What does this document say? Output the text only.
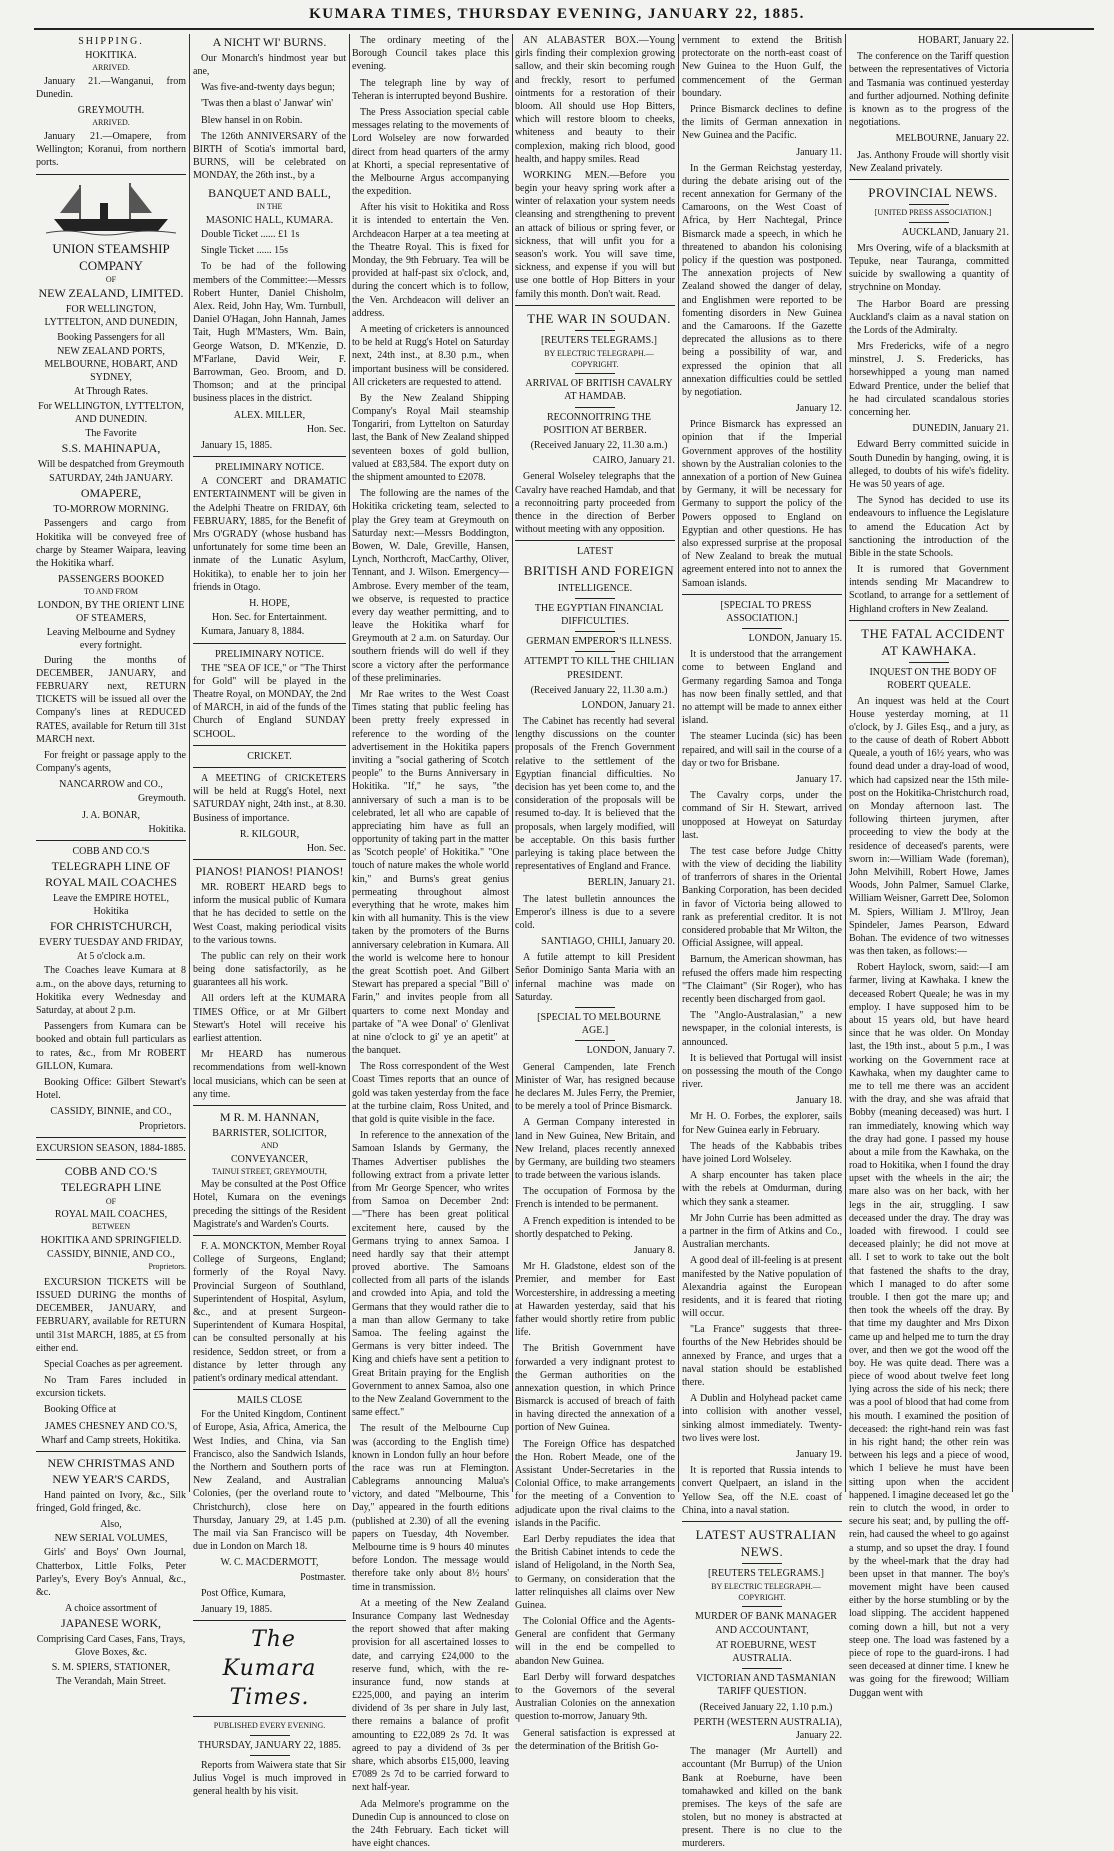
KUMARA TIMES, THURSDAY EVENING, JANUARY 22, 1885.

SHIPPING.

HOKITIKA.

ARRIVED.

January 21.—Wanganui, from Dunedin.

GREYMOUTH.

ARRIVED.

January 21.—Omapere, from Wellington; Koranui, from northern ports.

UNION STEAMSHIP COMPANY

OF

NEW ZEALAND, LIMITED.

FOR WELLINGTON, LYTTELTON, AND DUNEDIN,

Booking Passengers for all

NEW ZEALAND PORTS, MELBOURNE, HOBART, AND SYDNEY,

At Through Rates.

For WELLINGTON, LYTTELTON, AND DUNEDIN.

The Favorite

S.S. MAHINAPUA,

Will be despatched from Greymouth

SATURDAY, 24th JANUARY.

OMAPERE,

TO-MORROW MORNING.

Passengers and cargo from Hokitika will be conveyed free of charge by Steamer Waipara, leaving the Hokitika wharf.

PASSENGERS BOOKED

TO AND FROM

LONDON, BY THE ORIENT LINE OF STEAMERS,

Leaving Melbourne and Sydney every fortnight.

During the months of DECEMBER, JANUARY, and FEBRUARY next, RETURN TICKETS will be issued all over the Company's lines at REDUCED RATES, available for Return till 31st MARCH next.

For freight or passage apply to the Company's agents,

NANCARROW and CO.,

Greymouth.

J. A. BONAR,

Hokitika.

COBB AND CO.'S

TELEGRAPH LINE OF ROYAL MAIL COACHES

Leave the EMPIRE HOTEL, Hokitika

FOR CHRISTCHURCH,

EVERY TUESDAY AND FRIDAY,

At 5 o'clock a.m.

The Coaches leave Kumara at 8 a.m., on the above days, returning to Hokitika every Wednesday and Saturday, at about 2 p.m.

Passengers from Kumara can be booked and obtain full particulars as to rates, &c., from Mr ROBERT GILLON, Kumara.

Booking Office: Gilbert Stewart's Hotel.

CASSIDY, BINNIE, and CO.,

Proprietors.

EXCURSION SEASON, 1884-1885.

COBB AND CO.'S TELEGRAPH LINE

OF

ROYAL MAIL COACHES,

BETWEEN

HOKITIKA AND SPRINGFIELD.

CASSIDY, BINNIE, AND CO.,

Proprietors.

EXCURSION TICKETS will be ISSUED DURING the months of DECEMBER, JANUARY, and FEBRUARY, available for RETURN until 31st MARCH, 1885, at £5 from either end.

Special Coaches as per agreement.

No Tram Fares included in excursion tickets.

Booking Office at

JAMES CHESNEY AND CO.'S,

Wharf and Camp streets, Hokitika.

NEW CHRISTMAS AND NEW YEAR'S CARDS,

Hand painted on Ivory, &c., Silk fringed, Gold fringed, &c.

Also,

NEW SERIAL VOLUMES,

Girls' and Boys' Own Journal, Chatterbox, Little Folks, Peter Parley's, Every Boy's Annual, &c., &c.

A choice assortment of

JAPANESE WORK,

Comprising Card Cases, Fans, Trays, Glove Boxes, &c.

S. M. SPIERS, STATIONER,

The Verandah, Main Street.

A NICHT WI' BURNS.

Our Monarch's hindmost year but ane,

Was five-and-twenty days begun;

'Twas then a blast o' Janwar' win'

Blew hansel in on Robin.

The 126th ANNIVERSARY of the BIRTH of Scotia's immortal bard, BURNS, will be celebrated on MONDAY, the 26th inst., by a

BANQUET AND BALL,

IN THE

MASONIC HALL, KUMARA.

Double Ticket ...... £1 1s

Single Ticket ...... 15s

To be had of the following members of the Committee:—Messrs Robert Hunter, Daniel Chisholm, Alex. Reid, John Hay, Wm. Turnbull, Daniel O'Hagan, John Hannah, James Tait, Hugh M'Masters, Wm. Bain, George Watson, D. M'Kenzie, D. M'Farlane, David Weir, F. Barrowman, Geo. Broom, and D. Thomson; and at the principal business places in the district.

ALEX. MILLER,

Hon. Sec.

January 15, 1885.

PRELIMINARY NOTICE.

A CONCERT and DRAMATIC ENTERTAINMENT will be given in the Adelphi Theatre on FRIDAY, 6th FEBRUARY, 1885, for the Benefit of Mrs O'GRADY (whose husband has unfortunately for some time been an inmate of the Lunatic Asylum, Hokitika), to enable her to join her friends in Otago.

H. HOPE,

Hon. Sec. for Entertainment.

Kumara, January 8, 1884.

PRELIMINARY NOTICE.

THE "SEA OF ICE," or "The Thirst for Gold" will be played in the Theatre Royal, on MONDAY, the 2nd of MARCH, in aid of the funds of the Church of England SUNDAY SCHOOL.

CRICKET.

A MEETING of CRICKETERS will be held at Rugg's Hotel, next SATURDAY night, 24th inst., at 8.30. Business of importance.

R. KILGOUR,

Hon. Sec.

PIANOS! PIANOS! PIANOS!

MR. ROBERT HEARD begs to inform the musical public of Kumara that he has decided to settle on the West Coast, making periodical visits to the various towns.

The public can rely on their work being done satisfactorily, as he guarantees all his work.

All orders left at the KUMARA TIMES Office, or at Mr Gilbert Stewart's Hotel will receive his earliest attention.

Mr HEARD has numerous recommendations from well-known local musicians, which can be seen at any time.

M R. M. HANNAN,

BARRISTER, SOLICITOR,

AND

CONVEYANCER,

TAINUI STREET, GREYMOUTH,

May be consulted at the Post Office Hotel, Kumara on the evenings preceding the sittings of the Resident Magistrate's and Warden's Courts.

F. A. MONCKTON, Member Royal College of Surgeons, England; formerly of the Royal Navy. Provincial Surgeon of Southland, Superintendent of Hospital, Asylum, &c., and at present Surgeon-Superintendent of Kumara Hospital, can be consulted personally at his residence, Seddon street, or from a distance by letter through any patient's ordinary medical attendant.

MAILS CLOSE

For the United Kingdom, Continent of Europe, Asia, Africa, America, the West Indies, and China, via San Francisco, also the Sandwich Islands, the Northern and Southern ports of New Zealand, and Australian Colonies, (per the overland route to Christchurch), close here on Thursday, January 29, at 1.45 p.m. The mail via San Francisco will be due in London on March 18.

W. C. MACDERMOTT,

Postmaster.

Post Office, Kumara,

January 19, 1885.

The Kumara Times.

PUBLISHED EVERY EVENING.

THURSDAY, JANUARY 22, 1885.

Reports from Waiwera state that Sir Julius Vogel is much improved in general health by his visit.

The ordinary meeting of the Borough Council takes place this evening.

The telegraph line by way of Teheran is interrupted beyond Bushire.

The Press Association special cable messages relating to the movements of Lord Wolseley are now forwarded direct from head quarters of the army at Khorti, a special representative of the Melbourne Argus accompanying the expedition.

After his visit to Hokitika and Ross it is intended to entertain the Ven. Archdeacon Harper at a tea meeting at the Theatre Royal. This is fixed for Monday, the 9th February. Tea will be provided at half-past six o'clock, and, during the concert which is to follow, the Ven. Archdeacon will deliver an address.

A meeting of cricketers is announced to be held at Rugg's Hotel on Saturday next, 24th inst., at 8.30 p.m., when important business will be considered. All cricketers are requested to attend.

By the New Zealand Shipping Company's Royal Mail steamship Tongariri, from Lyttelton on Saturday last, the Bank of New Zealand shipped seventeen boxes of gold bullion, valued at £83,584. The export duty on the shipment amounted to £2078.

The following are the names of the Hokitika cricketing team, selected to play the Grey team at Greymouth on Saturday next:—Messrs Boddington, Bowen, W. Dale, Greville, Hansen, Lynch, Northcroft, MacCarthy, Oliver, Tennant, and J. Wilson. Emergency—Ambrose. Every member of the team, we observe, is requested to practice every day weather permitting, and to leave the Hokitika wharf for Greymouth at 2 a.m. on Saturday. Our southern friends will do well if they score a victory after the performance of these preliminaries.

Mr Rae writes to the West Coast Times stating that public feeling has been pretty freely expressed in reference to the wording of the advertisement in the Hokitika papers inviting a "social gathering of Scotch people" to the Burns Anniversary in Hokitika. "If," he says, "the anniversary of such a man is to be celebrated, let all who are capable of appreciating him have as full an opportunity of taking part in the matter as 'Scotch people' of Hokitika." "One touch of nature makes the whole world kin," and Burns's great genius permeating throughout almost everything that he wrote, makes him kin with all humanity. This is the view taken by the promoters of the Burns anniversary celebration in Kumara. All the world is welcome here to honour the great Scottish poet. And Gilbert Stewart has prepared a special "Bill o' Farin," and invites people from all quarters to come next Monday and partake of "A wee Donal' o' Glenlivat at nine o'clock to gi' ye an apetit" at the banquet.

The Ross correspondent of the West Coast Times reports that an ounce of gold was taken yesterday from the face at the turbine claim, Ross United, and that gold is quite visible in the face.

In reference to the annexation of the Samoan Islands by Germany, the Thames Advertiser publishes the following extract from a private letter from Mr George Spencer, who writes from Samoa on December 2nd:—"There has been great political excitement here, caused by the Germans trying to annex Samoa. I need hardly say that their attempt proved abortive. The Samoans collected from all parts of the islands and crowded into Apia, and told the Germans that they would rather die to a man than allow Germany to take Samoa. The feeling against the Germans is very bitter indeed. The King and chiefs have sent a petition to Great Britain praying for the English Government to annex Samoa, also one to the New Zealand Government to the same effect."

The result of the Melbourne Cup was (according to the English time) known in London fully an hour before the race was run at Flemington. Cablegrams announcing Malua's victory, and dated "Melbourne, This Day," appeared in the fourth editions (published at 2.30) of all the evening papers on Tuesday, 4th November. Melbourne time is 9 hours 40 minutes before London. The message would therefore take only about 8½ hours' time in transmission.

At a meeting of the New Zealand Insurance Company last Wednesday the report showed that after making provision for all ascertained losses to date, and carrying £24,000 to the reserve fund, which, with the re-insurance fund, now stands at £225,000, and paying an interim dividend of 3s per share in July last, there remains a balance of profit amounting to £22,089 2s 7d. It was agreed to pay a dividend of 3s per share, which absorbs £15,000, leaving £7089 2s 7d to be carried forward to next half-year.

Ada Melmore's programme on the Dunedin Cup is announced to close on the 24th February. Each ticket will have eight chances.

AN ALABASTER BOX.—Young girls finding their complexion growing sallow, and their skin becoming rough and freckly, resort to perfumed ointments for a restoration of their bloom. All should use Hop Bitters, which will restore bloom to cheeks, whiteness and beauty to their complexion, making rich blood, good health, and happy smiles. Read

WORKING MEN.—Before you begin your heavy spring work after a winter of relaxation your system needs cleansing and strengthening to prevent an attack of bilious or spring fever, or sickness, that will unfit you for a season's work. You will save time, sickness, and expense if you will but use one bottle of Hop Bitters in your family this month. Don't wait. Read.

THE WAR IN SOUDAN.

[REUTERS TELEGRAMS.]

BY ELECTRIC TELEGRAPH.—COPYRIGHT.

ARRIVAL OF BRITISH CAVALRY AT HAMDAB.

RECONNOITRING THE POSITION AT BERBER.

(Received January 22, 11.30 a.m.)

CAIRO, January 21.

General Wolseley telegraphs that the Cavalry have reached Hamdab, and that a reconnoitring party proceeded from thence in the direction of Berber without meeting with any opposition.

LATEST

BRITISH AND FOREIGN

INTELLIGENCE.

THE EGYPTIAN FINANCIAL DIFFICULTIES.

GERMAN EMPEROR'S ILLNESS.

ATTEMPT TO KILL THE CHILIAN PRESIDENT.

(Received January 22, 11.30 a.m.)

LONDON, January 21.

The Cabinet has recently had several lengthy discussions on the counter proposals of the French Government relative to the settlement of the Egyptian financial difficulties. No decision has yet been come to, and the consideration of the proposals will be resumed to-day. It is believed that the proposals, when largely modified, will be acceptable. On this basis further parleying is taking place between the representatives of England and France.

BERLIN, January 21.

The latest bulletin announces the Emperor's illness is due to a severe cold.

SANTIAGO, CHILI, January 20.

A futile attempt to kill President Señor Dominigo Santa Maria with an infernal machine was made on Saturday.

[SPECIAL TO MELBOURNE AGE.]

LONDON, January 7.

General Campenden, late French Minister of War, has resigned because he declares M. Jules Ferry, the Premier, to be merely a tool of Prince Bismarck.

A German Company interested in land in New Guinea, New Britain, and New Ireland, places recently annexed by Germany, are building two steamers to trade between the various islands.

The occupation of Formosa by the French is intended to be permanent.

A French expedition is intended to be shortly despatched to Peking.

January 8.

Mr H. Gladstone, eldest son of the Premier, and member for East Worcestershire, in addressing a meeting at Hawarden yesterday, said that his father would shortly retire from public life.

The British Government have forwarded a very indignant protest to the German authorities on the annexation question, in which Prince Bismarck is accused of breach of faith in having directed the annexation of a portion of New Guinea.

The Foreign Office has despatched the Hon. Robert Meade, one of the Assistant Under-Secretaries in the Colonial Office, to make arrangements for the meeting of a Convention to adjudicate upon the rival claims to the islands in the Pacific.

Earl Derby repudiates the idea that the British Cabinet intends to cede the island of Heligoland, in the North Sea, to Germany, on consideration that the latter relinquishes all claims over New Guinea.

The Colonial Office and the Agents-General are confident that Germany will in the end be compelled to abandon New Guinea.

Earl Derby will forward despatches to the Governors of the several Australian Colonies on the annexation question to-morrow, January 9th.

General satisfaction is expressed at the determination of the British Go-

vernment to extend the British protectorate on the north-east coast of New Guinea to the Huon Gulf, the commencement of the German boundary.

Prince Bismarck declines to define the limits of German annexation in New Guinea and the Pacific.

January 11.

In the German Reichstag yesterday, during the debate arising out of the recent annexation for Germany of the Camaroons, on the West Coast of Africa, by Herr Nachtegal, Prince Bismarck made a speech, in which he threatened to abandon his colonising policy if the question was postponed. The annexation projects of New Zealand showed the danger of delay, and Englishmen were reported to be fomenting disorders in New Guinea and the Camaroons. If the Gazette deprecated the allusions as to there being a possibility of war, and expressed the opinion that all annexation difficulties could be settled by negotiation.

January 12.

Prince Bismarck has expressed an opinion that if the Imperial Government approves of the hostility shown by the Australian colonies to the annexation of a portion of New Guinea by Germany, it will be necessary for Germany to support the policy of the Powers opposed to England on Egyptian and other questions. He has also expressed surprise at the proposal of New Zealand to break the mutual agreement entered into not to annex the Samoan islands.

[SPECIAL TO PRESS ASSOCIATION.]

LONDON, January 15.

It is understood that the arrangement come to between England and Germany regarding Samoa and Tonga has now been finally settled, and that no attempt will be made to annex either island.

The steamer Lucinda (sic) has been repaired, and will sail in the course of a day or two for Brisbane.

January 17.

The Cavalry corps, under the command of Sir H. Stewart, arrived unopposed at Howeyat on Saturday last.

The test case before Judge Chitty with the view of deciding the liability of tranferrors of shares in the Oriental Banking Corporation, has been decided in favor of Victoria being allowed to rank as preferential creditor. It is not considered probable that Mr Wilton, the Official Assignee, will appeal.

Barnum, the American showman, has refused the offers made him respecting "The Claimant" (Sir Roger), who has recently been discharged from gaol.

The "Anglo-Australasian," a new newspaper, in the colonial interests, is announced.

It is believed that Portugal will insist on possessing the mouth of the Congo river.

January 18.

Mr H. O. Forbes, the explorer, sails for New Guinea early in February.

The heads of the Kabbabis tribes have joined Lord Wolseley.

A sharp encounter has taken place with the rebels at Omdurman, during which they sank a steamer.

Mr John Currie has been admitted as a partner in the firm of Atkins and Co., Australian merchants.

A good deal of ill-feeling is at present manifested by the Native population of Alexandria against the European residents, and it is feared that rioting will occur.

"La France" suggests that three-fourths of the New Hebrides should be annexed by France, and urges that a naval station should be established there.

A Dublin and Holyhead packet came into collision with another vessel, sinking almost immediately. Twenty-two lives were lost.

January 19.

It is reported that Russia intends to convert Quelpaert, an island in the Yellow Sea, off the N.E. coast of China, into a naval station.

LATEST AUSTRALIAN NEWS.

[REUTERS TELEGRAMS.]

BY ELECTRIC TELEGRAPH.—COPYRIGHT.

MURDER OF BANK MANAGER AND ACCOUNTANT,

AT ROEBURNE, WEST AUSTRALIA.

VICTORIAN AND TASMANIAN TARIFF QUESTION.

(Received January 22, 1.10 p.m.)

PERTH (WESTERN AUSTRALIA), January 22.

The manager (Mr Aurtell) and accountant (Mr Burrup) of the Union Bank at Roeburne, have been tomahawked and killed on the bank premises. The keys of the safe are stolen, but no money is abstracted at present. There is no clue to the murderers.

HOBART, January 22.

The conference on the Tariff question between the representatives of Victoria and Tasmania was continued yesterday and further adjourned. Nothing definite is known as to the progress of the negotiations.

MELBOURNE, January 22.

Jas. Anthony Froude will shortly visit New Zealand privately.

PROVINCIAL NEWS.

[UNITED PRESS ASSOCIATION.]

AUCKLAND, January 21.

Mrs Overing, wife of a blacksmith at Tepuke, near Tauranga, committed suicide by swallowing a quantity of strychnine on Monday.

The Harbor Board are pressing Auckland's claim as a naval station on the Lords of the Admiralty.

Mrs Fredericks, wife of a negro minstrel, J. S. Fredericks, has horsewhipped a young man named Edward Prentice, under the belief that he had circulated scandalous stories concerning her.

DUNEDIN, January 21.

Edward Berry committed suicide in South Dunedin by hanging, owing, it is alleged, to doubts of his wife's fidelity. He was 50 years of age.

The Synod has decided to use its endeavours to influence the Legislature to amend the Education Act by sanctioning the introduction of the Bible in the state Schools.

It is rumored that Government intends sending Mr Macandrew to Scotland, to arrange for a settlement of Highland crofters in New Zealand.

THE FATAL ACCIDENT AT KAWHAKA.

INQUEST ON THE BODY OF ROBERT QUEALE.

An inquest was held at the Court House yesterday morning, at 11 o'clock, by J. Giles Esq., and a jury, as to the cause of death of Robert Abbott Queale, a youth of 16½ years, who was found dead under a dray-load of wood, which had capsized near the 15th mile-post on the Hokitika-Christchurch road, on Monday afternoon last. The following thirteen jurymen, after proceeding to view the body at the residence of deceased's parents, were sworn in:—William Wade (foreman), John Melvihill, Robert Howe, James Woods, John Palmer, Samuel Clarke, William Weisner, Garrett Dee, Solomon M. Spiers, William J. M'Ilroy, Jean Spindeler, James Pearson, Edward Bohan. The evidence of two witnesses was then taken, as follows:—

Robert Haylock, sworn, said:—I am farmer, living at Kawhaka. I knew the deceased Robert Queale; he was in my employ. I have supposed him to be about 15 years old, but have heard since that he was older. On Monday last, the 19th inst., about 5 p.m., I was working on the Government race at Kawhaka, when my daughter came to me to tell me there was an accident with the dray, and she was afraid that Bobby (meaning deceased) was hurt. I ran immediately, knowing which way the dray had gone. I passed my house about a mile from the Kawhaka, on the road to Hokitika, when I found the dray upset with the wheels in the air; the mare also was on her back, with her legs in the air, struggling. I saw deceased under the dray. The dray was loaded with firewood. I could see deceased plainly; he did not move at all. I set to work to take out the bolt that fastened the shafts to the dray, which I managed to do after some trouble. I then got the mare up; and then took the wheels off the dray. By that time my daughter and Mrs Dixon came up and helped me to turn the dray over, and then we got the wood off the boy. He was quite dead. There was a piece of wood about twelve feet long lying across the side of his neck; there was a pool of blood that had come from his mouth. I examined the position of deceased: the right-hand rein was fast in his right hand; the other rein was between his legs and a piece of wood, which I believe he must have been sitting upon when the accident happened. I imagine deceased let go the rein to clutch the wood, in order to secure his seat; and, by pulling the off-rein, had caused the wheel to go against a stump, and so upset the dray. I found by the wheel-mark that the dray had been upset in that manner. The boy's movement might have been caused either by the horse stumbling or by the load slipping. The accident happened coming down a hill, but not a very steep one. The load was fastened by a piece of rope to the guard-irons. I had seen deceased at dinner time. I knew he was going for the firewood; William Duggan went with
